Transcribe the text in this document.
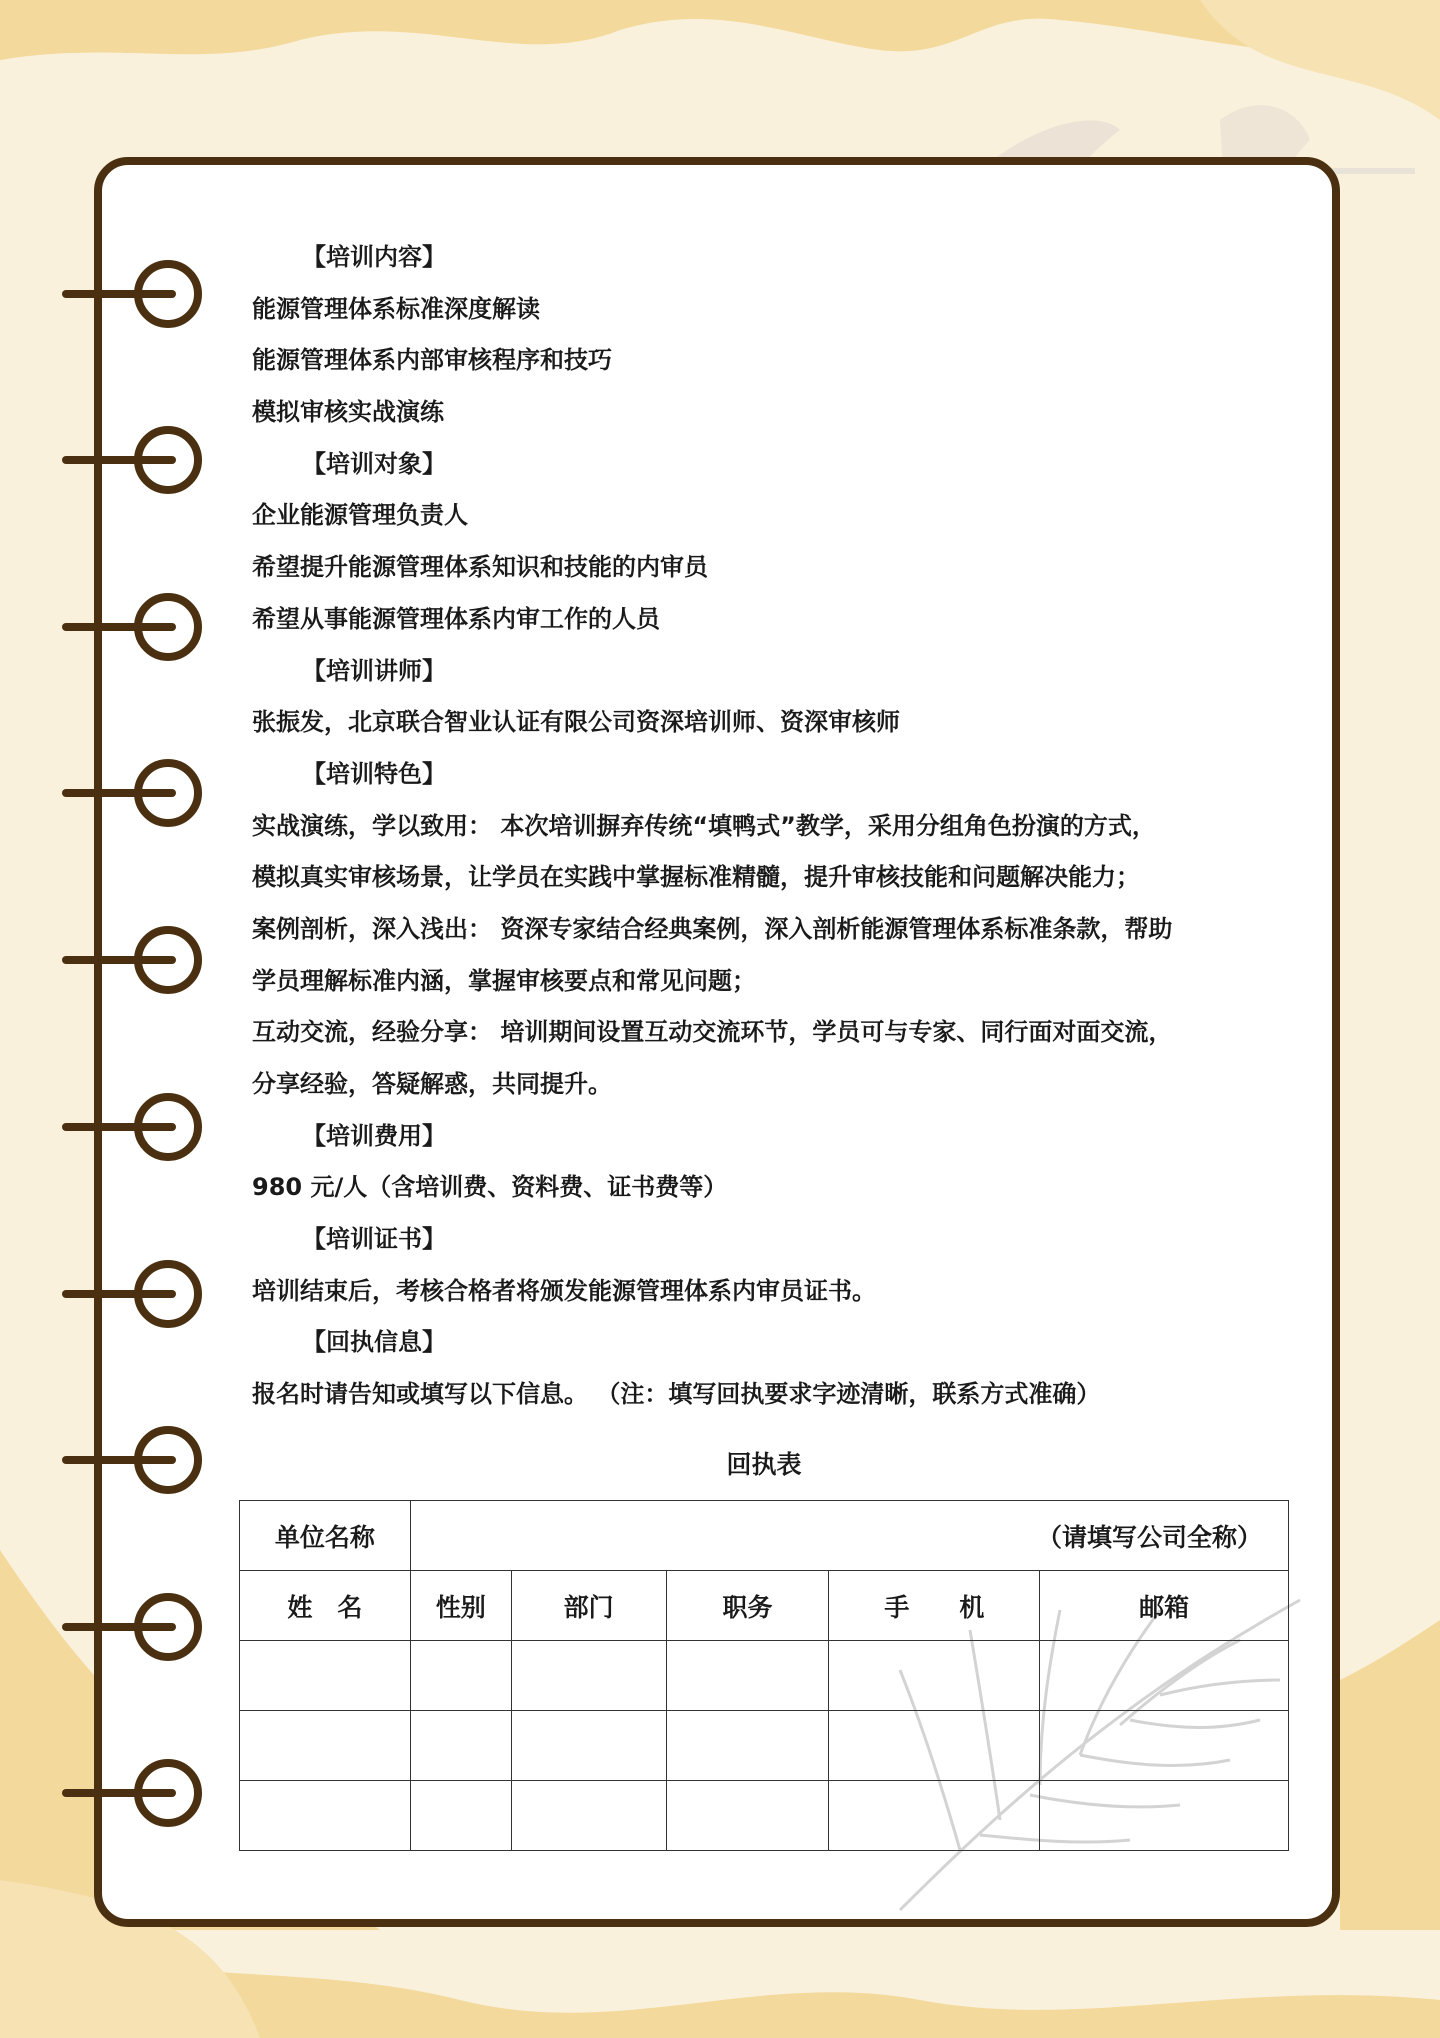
【培训内容】
能源管理体系标准深度解读
能源管理体系内部审核程序和技巧
模拟审核实战演练
【培训对象】
企业能源管理负责人
希望提升能源管理体系知识和技能的内审员
希望从事能源管理体系内审工作的人员
【培训讲师】
张振发，北京联合智业认证有限公司资深培训师、资深审核师
【培训特色】
实战演练，学以致用： 本次培训摒弃传统“填鸭式”教学，采用分组角色扮演的方式，
模拟真实审核场景，让学员在实践中掌握标准精髓，提升审核技能和问题解决能力；
案例剖析，深入浅出： 资深专家结合经典案例，深入剖析能源管理体系标准条款，帮助
学员理解标准内涵，掌握审核要点和常见问题；
互动交流，经验分享： 培训期间设置互动交流环节，学员可与专家、同行面对面交流，
分享经验，答疑解惑，共同提升。
【培训费用】
980 元/人（含培训费、资料费、证书费等）
【培训证书】
培训结束后，考核合格者将颁发能源管理体系内审员证书。
【回执信息】
报名时请告知或填写以下信息。 （注：填写回执要求字迹清晰，联系方式准确）
回执表
单位名称	（请填写公司全称）				
姓　名	性别	部门	职务	手　　机	邮箱
